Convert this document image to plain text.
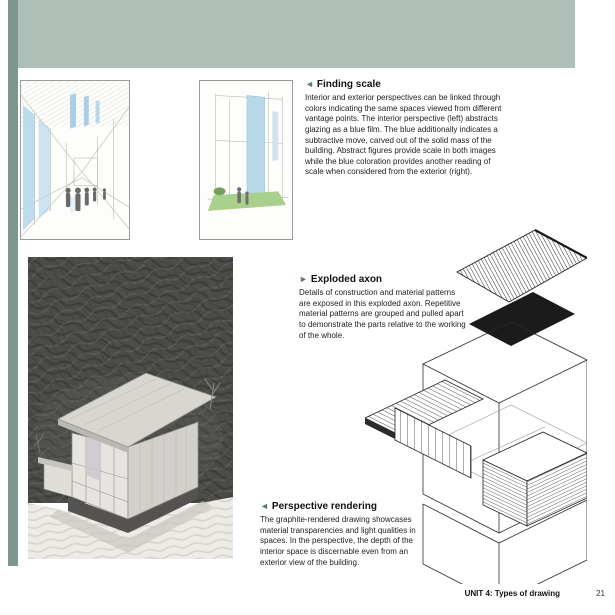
◄ Finding scale

Interior and exterior perspectives can be linked through colors indicating the same spaces viewed from different vantage points. The interior perspective (left) abstracts glazing as a blue film. The blue additionally indicates a subtractive move, carved out of the solid mass of the building. Abstract figures provide scale in both images while the blue coloration provides another reading of scale when considered from the exterior (right).

► Exploded axon

Details of construction and material patterns are exposed in this exploded axon. Repetitive material patterns are grouped and pulled apart to demonstrate the parts relative to the working of the whole.

◄ Perspective rendering

The graphite-rendered drawing showcases material transparencies and light qualities in spaces. In the perspective, the depth of the interior space is discernable even from an exterior view of the building.

UNIT 4: Types of drawing	21
